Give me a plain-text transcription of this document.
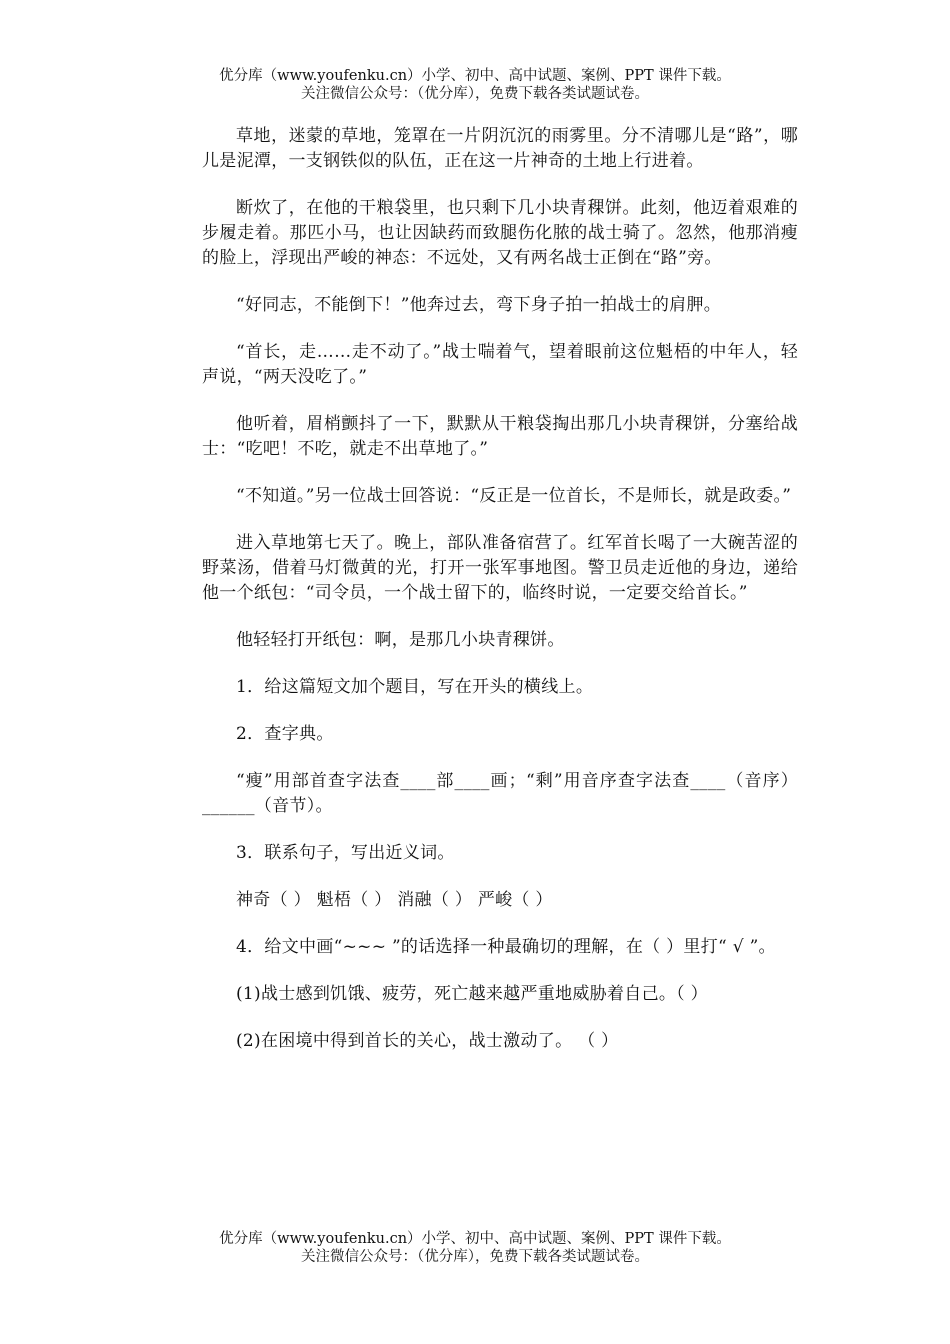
优分库（www.youfenku.cn）小学、初中、高中试题、案例、PPT 课件下载。
关注微信公众号：（优分库），免费下载各类试题试卷。

草地，迷蒙的草地，笼罩在一片阴沉沉的雨雾里。分不清哪儿是“路”，哪儿是泥潭，一支钢铁似的队伍，正在这一片神奇的土地上行进着。

断炊了，在他的干粮袋里，也只剩下几小块青稞饼。此刻，他迈着艰难的步履走着。那匹小马，也让因缺药而致腿伤化脓的战士骑了。忽然，他那消瘦的脸上，浮现出严峻的神态：不远处，又有两名战士正倒在“路”旁。

“好同志，不能倒下！”他奔过去，弯下身子拍一拍战士的肩胛。

“首长，走……走不动了。”战士喘着气，望着眼前这位魁梧的中年人，轻声说，“两天没吃了。”

他听着，眉梢颤抖了一下，默默从干粮袋掏出那几小块青稞饼，分塞给战士：“吃吧！不吃，就走不出草地了。”

“不知道。”另一位战士回答说：“反正是一位首长，不是师长，就是政委。”

进入草地第七天了。晚上，部队准备宿营了。红军首长喝了一大碗苦涩的野菜汤，借着马灯微黄的光，打开一张军事地图。警卫员走近他的身边，递给他一个纸包：“司令员，一个战士留下的，临终时说，一定要交给首长。”

他轻轻打开纸包：啊，是那几小块青稞饼。

1．给这篇短文加个题目，写在开头的横线上。

2．查字典。

“瘦”用部首查字法查____部____画；“剩”用音序查字法查____（音序）______（音节）。

3．联系句子，写出近义词。

神奇（ ） 魁梧（ ） 消融（ ） 严峻（ ）

4．给文中画“~~~ ”的话选择一种最确切的理解，在（ ）里打“ √ ”。

(1)战士感到饥饿、疲劳，死亡越来越严重地威胁着自己。（ ）

(2)在困境中得到首长的关心，战士激动了。 （ ）

优分库（www.youfenku.cn）小学、初中、高中试题、案例、PPT 课件下载。
关注微信公众号：（优分库），免费下载各类试题试卷。
